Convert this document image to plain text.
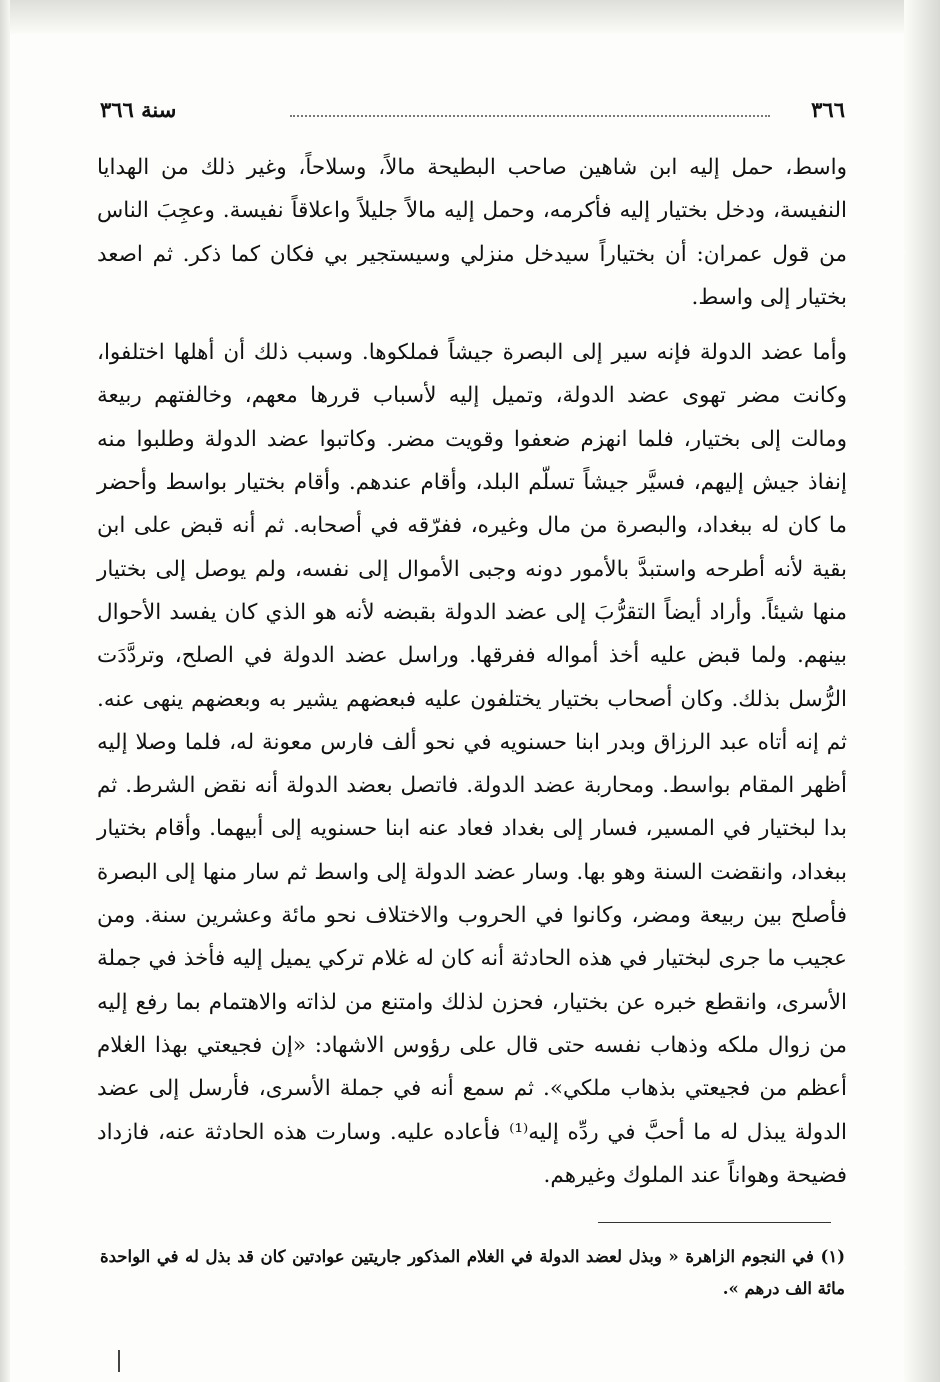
٣٦٦
سنة ٣٦٦

واسط، حمل إليه ابن شاهين صاحب البطيحة مالاً، وسلاحاً، وغير ذلك من الهدايا النفيسة، ودخل بختيار إليه فأكرمه، وحمل إليه مالاً جليلاً واعلاقاً نفيسة. وعجِبَ الناس من قول عمران: أن بختياراً سيدخل منزلي وسيستجير بي فكان كما ذكر. ثم اصعد بختيار إلى واسط.

وأما عضد الدولة فإنه سير إلى البصرة جيشاً فملكوها. وسبب ذلك أن أهلها اختلفوا، وكانت مضر تهوى عضد الدولة، وتميل إليه لأسباب قررها معهم، وخالفتهم ربيعة ومالت إلى بختيار، فلما انهزم ضعفوا وقويت مضر. وكاتبوا عضد الدولة وطلبوا منه إنفاذ جيش إليهم، فسيَّر جيشاً تسلّم البلد، وأقام عندهم. وأقام بختيار بواسط وأحضر ما كان له ببغداد، والبصرة من مال وغيره، ففرّقه في أصحابه. ثم أنه قبض على ابن بقية لأنه أطرحه واستبدَّ بالأمور دونه وجبى الأموال إلى نفسه، ولم يوصل إلى بختيار منها شيئاً. وأراد أيضاً التقرُّبَ إلى عضد الدولة بقبضه لأنه هو الذي كان يفسد الأحوال بينهم. ولما قبض عليه أخذ أمواله ففرقها. وراسل عضد الدولة في الصلح، وتردَّدَت الرُّسل بذلك. وكان أصحاب بختيار يختلفون عليه فبعضهم يشير به وبعضهم ينهى عنه. ثم إنه أتاه عبد الرزاق وبدر ابنا حسنويه في نحو ألف فارس معونة له، فلما وصلا إليه أظهر المقام بواسط. ومحاربة عضد الدولة. فاتصل بعضد الدولة أنه نقض الشرط. ثم بدا لبختيار في المسير، فسار إلى بغداد فعاد عنه ابنا حسنويه إلى أبيهما. وأقام بختيار ببغداد، وانقضت السنة وهو بها. وسار عضد الدولة إلى واسط ثم سار منها إلى البصرة فأصلح بين ربيعة ومضر، وكانوا في الحروب والاختلاف نحو مائة وعشرين سنة. ومن عجيب ما جرى لبختيار في هذه الحادثة أنه كان له غلام تركي يميل إليه فأخذ في جملة الأسرى، وانقطع خبره عن بختيار، فحزن لذلك وامتنع من لذاته والاهتمام بما رفع إليه من زوال ملكه وذهاب نفسه حتى قال على رؤوس الاشهاد: «إن فجيعتي بهذا الغلام أعظم من فجيعتي بذهاب ملكي». ثم سمع أنه في جملة الأسرى، فأرسل إلى عضد الدولة يبذل له ما أحبَّ في ردِّه إليه⁽¹⁾ فأعاده عليه. وسارت هذه الحادثة عنه، فازداد فضيحة وهواناً عند الملوك وغيرهم.

(١) في النجوم الزاهرة « وبذل لعضد الدولة في الغلام المذكور جاريتين عوادتين كان قد بذل له في الواحدة مائة الف درهم ».
